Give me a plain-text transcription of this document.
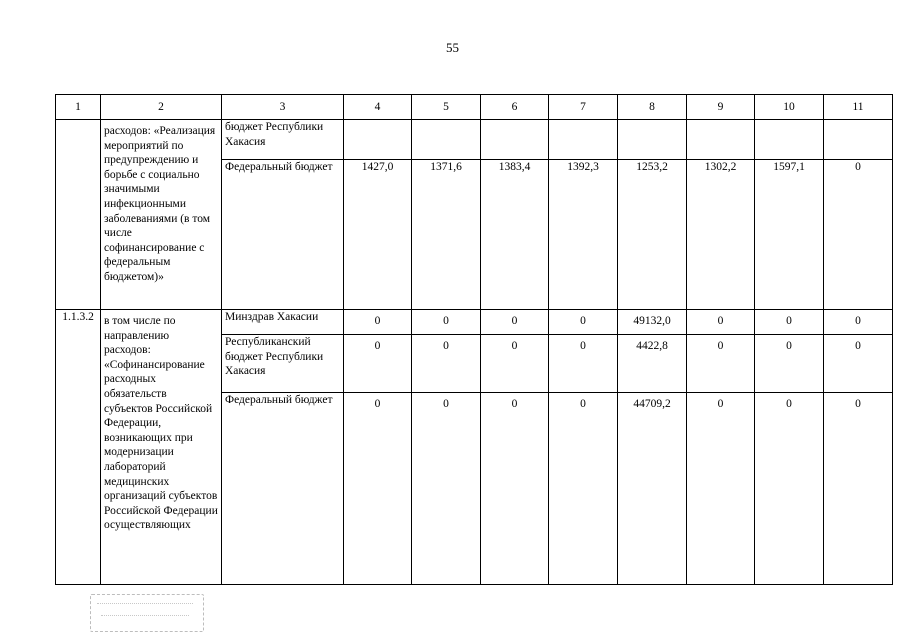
55
1	2	3	4	5	6	7	8	9	10	11
	расходов: «Реализация мероприятий по предупреждению и борьбе с социально значимыми инфекционными заболеваниями (в том числе софинансирование с федеральным бюджетом)»	бюджет Республики Хакасия								
		Федеральный бюджет	1427,0	1371,6	1383,4	1392,3	1253,2	1302,2	1597,1	0
1.1.3.2	в том числе по направлению расходов: «Софинансирование расходных обязательств субъектов Российской Федерации, возникающих при модернизации лабораторий медицинских организаций субъектов Российской Федерации осуществляющих	Минздрав Хакасии	0	0	0	0	49132,0	0	0	0
		Республиканский бюджет Республики Хакасия	0	0	0	0	4422,8	0	0	0
		Федеральный бюджет	0	0	0	0	44709,2	0	0	0
